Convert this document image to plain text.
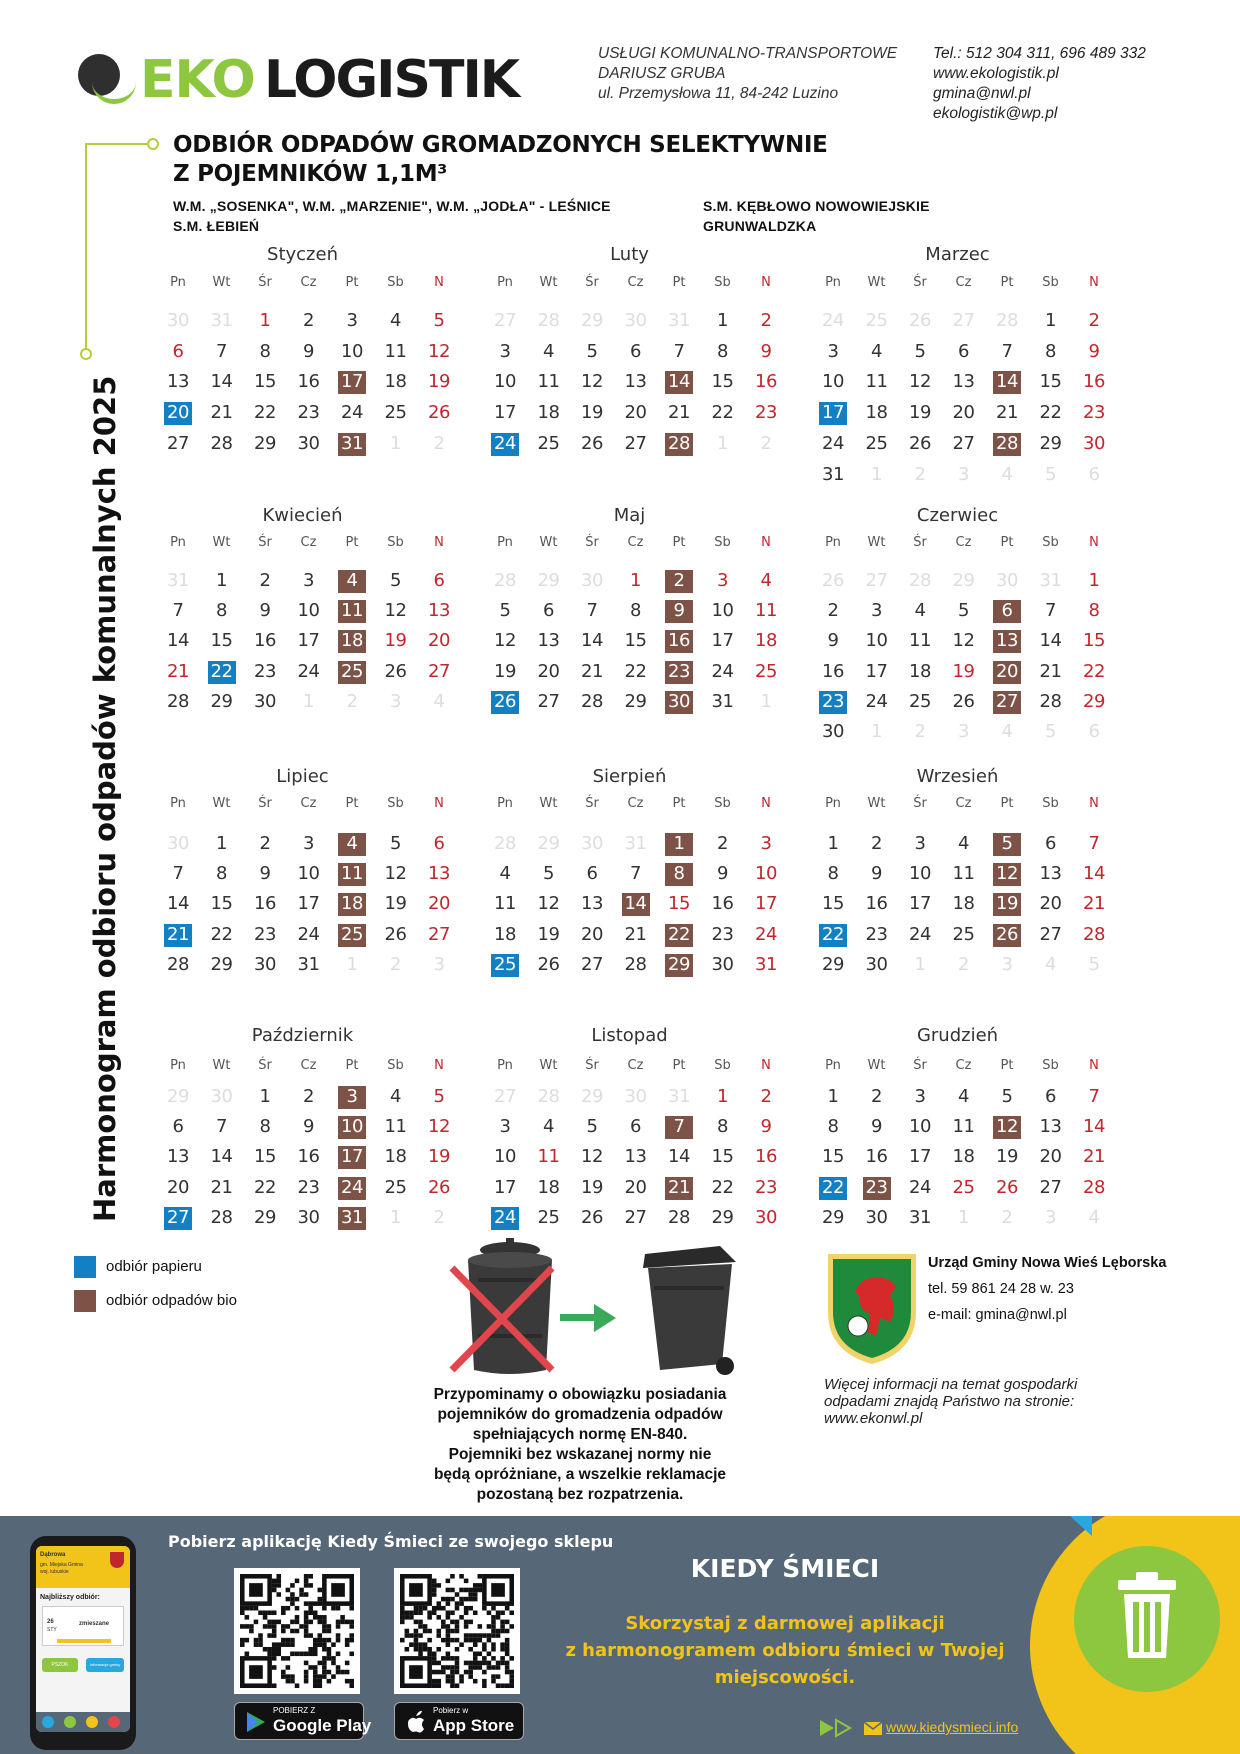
EKO LOGISTIK	USŁUGI KOMUNALNO-TRANSPORTOWE
DARIUSZ GRUBA
ul. Przemysłowa 11, 84-242 Luzino
Tel.: 512 304 311, 696 489 332
www.ekologistik.pl
gmina@nwl.pl
ekologistik@wp.pl
ODBIÓR ODPADÓW GROMADZONYCH SELEKTYWNIE
Z POJEMNIKÓW 1,1M³
W.M. „SOSENKA", W.M. „MARZENIE", W.M. „JODŁA" - LEŚNICE
S.M. ŁEBIEŃ
S.M. KĘBŁOWO NOWOWIEJSKIE
GRUNWALDZKA
Harmonogram odbioru odpadów komunalnych 2025
Styczeń
Pn	Wt	Śr	Cz	Pt	Sb	N
30 31	1	2	3	4	5
6	7	8	9	10 11 12
13 14 15 16 17 18 19
20 21 22 23 24 25 26
27 28 29 30 31	1	2
Luty
Pn	Wt	Śr	Cz	Pt	Sb	N
27 28 29 30 31	1	2
3	4	5	6	7	8	9
10 11 12 13 14 15 16
17 18 19 20 21 22 23
24 25 26 27 28	1	2
Marzec
Pn	Wt	Śr	Cz	Pt	Sb	N
24 25 26 27 28	1	2
3	4	5	6	7	8	9
10 11 12 13 14 15 16
17 18 19 20 21 22 23
24 25 26 27 28 29 30
31	1	2	3	4	5	6
Kwiecień
Pn	Wt	Śr	Cz	Pt	Sb	N
31	1	2	3	4	5	6
7	8	9	10 11 12 13
14 15 16 17 18 19 20
21 22 23 24 25 26 27
28 29 30	1	2	3	4
Maj
Pn	Wt	Śr	Cz	Pt	Sb	N
28 29 30	1	2	3	4
5	6	7	8	9	10 11
12 13 14 15 16 17 18
19 20 21 22 23 24 25
26 27 28 29 30 31	1
Czerwiec
Pn	Wt	Śr	Cz	Pt	Sb	N
26 27 28 29 30 31	1
2	3	4	5	6	7	8
9	10 11 12 13 14 15
16 17 18 19 20 21 22
23 24 25 26 27 28 29
30	1	2	3	4	5	6
Lipiec
Pn	Wt	Śr	Cz	Pt	Sb	N
30	1	2	3	4	5	6
7	8	9	10 11 12 13
14 15 16 17 18 19 20
21 22 23 24 25 26 27
28 29 30 31	1	2	3
Sierpień
Pn	Wt	Śr	Cz	Pt	Sb	N
28 29 30 31	1	2	3
4	5	6	7	8	9	10
11 12 13 14 15 16 17
18 19 20 21 22 23 24
25 26 27 28 29 30 31
Wrzesień
Pn	Wt	Śr	Cz	Pt	Sb	N
1	2	3	4	5	6	7
8	9	10 11 12 13 14
15 16 17 18 19 20 21
22 23 24 25 26 27 28
29 30	1	2	3	4	5
Październik
Pn	Wt	Śr	Cz	Pt	Sb	N
29 30	1	2	3	4	5
6	7	8	9	10 11 12
13 14 15 16 17 18 19
20 21 22 23 24 25 26
27 28 29 30 31	1	2
Listopad
Pn	Wt	Śr	Cz	Pt	Sb	N
27 28 29 30 31	1	2
3	4	5	6	7	8	9
10 11 12 13 14 15 16
17 18 19 20 21 22 23
24 25 26 27 28 29 30
Grudzień
Pn	Wt	Śr	Cz	Pt	Sb	N
1	2	3	4	5	6	7
8	9	10 11 12 13 14
15 16 17 18 19 20 21
22 23 24 25 26 27 28
29 30 31	1	2	3	4
odbiór papieru
odbiór odpadów bio
Przypominamy o obowiązku posiadania
pojemników do gromadzenia odpadów
spełniających normę EN-840.
Pojemniki bez wskazanej normy nie
będą opróżniane, a wszelkie reklamacje
pozostaną bez rozpatrzenia.
Urząd Gminy Nowa Wieś Lęborska
tel. 59 861 24 28 w. 23
e-mail: gmina@nwl.pl
Więcej informacji na temat gospodarki
odpadami znajdą Państwo na stronie:
www.ekonwl.pl
Pobierz aplikację Kiedy Śmieci ze swojego sklepu
POBIERZ Z
Google Play
Pobierz w
App Store
KIEDY ŚMIECI
Skorzystaj z darmowej aplikacji
z harmonogramem odbioru śmieci w Twojej
miejscowości.
www.kiedysmieci.info
Dąbrowa
gm. Miejska Gmina
woj. lubuskie
Najbliższy odbiór:
26
STY
zmieszane
PSZOK	Informacje gminy
